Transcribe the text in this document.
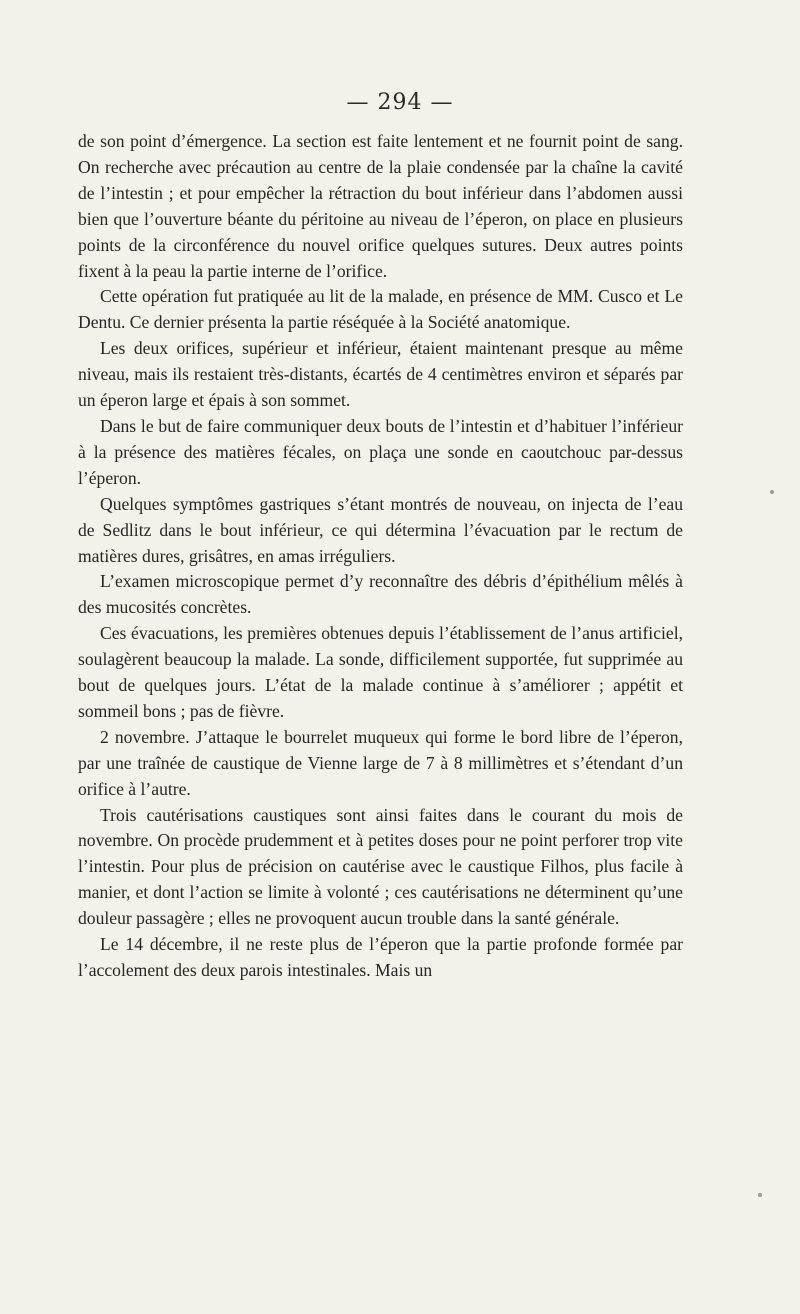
— 294 —

de son point d’émergence. La section est faite lentement et ne fournit point de sang. On recherche avec précaution au centre de la plaie condensée par la chaîne la cavité de l’intestin ; et pour empêcher la rétraction du bout inférieur dans l’abdomen aussi bien que l’ouverture béante du péritoine au niveau de l’éperon, on place en plusieurs points de la circonférence du nouvel orifice quelques sutures. Deux autres points fixent à la peau la partie interne de l’orifice.

Cette opération fut pratiquée au lit de la malade, en présence de MM. Cusco et Le Dentu. Ce dernier présenta la partie réséquée à la Société anatomique.

Les deux orifices, supérieur et inférieur, étaient maintenant presque au même niveau, mais ils restaient très-distants, écartés de 4 centimètres environ et séparés par un éperon large et épais à son sommet.

Dans le but de faire communiquer deux bouts de l’intestin et d’habituer l’inférieur à la présence des matières fécales, on plaça une sonde en caoutchouc par-dessus l’éperon.

Quelques symptômes gastriques s’étant montrés de nouveau, on injecta de l’eau de Sedlitz dans le bout inférieur, ce qui détermina l’évacuation par le rectum de matières dures, grisâtres, en amas irréguliers.

L’examen microscopique permet d’y reconnaître des débris d’épithélium mêlés à des mucosités concrètes.

Ces évacuations, les premières obtenues depuis l’établissement de l’anus artificiel, soulagèrent beaucoup la malade. La sonde, difficilement supportée, fut supprimée au bout de quelques jours. L’état de la malade continue à s’améliorer ; appétit et sommeil bons ; pas de fièvre.

2 novembre. J’attaque le bourrelet muqueux qui forme le bord libre de l’éperon, par une traînée de caustique de Vienne large de 7 à 8 millimètres et s’étendant d’un orifice à l’autre.

Trois cautérisations caustiques sont ainsi faites dans le courant du mois de novembre. On procède prudemment et à petites doses pour ne point perforer trop vite l’intestin. Pour plus de précision on cautérise avec le caustique Filhos, plus facile à manier, et dont l’action se limite à volonté ; ces cautérisations ne déterminent qu’une douleur passagère ; elles ne provoquent aucun trouble dans la santé générale.

Le 14 décembre, il ne reste plus de l’éperon que la partie profonde formée par l’accolement des deux parois intestinales. Mais un
